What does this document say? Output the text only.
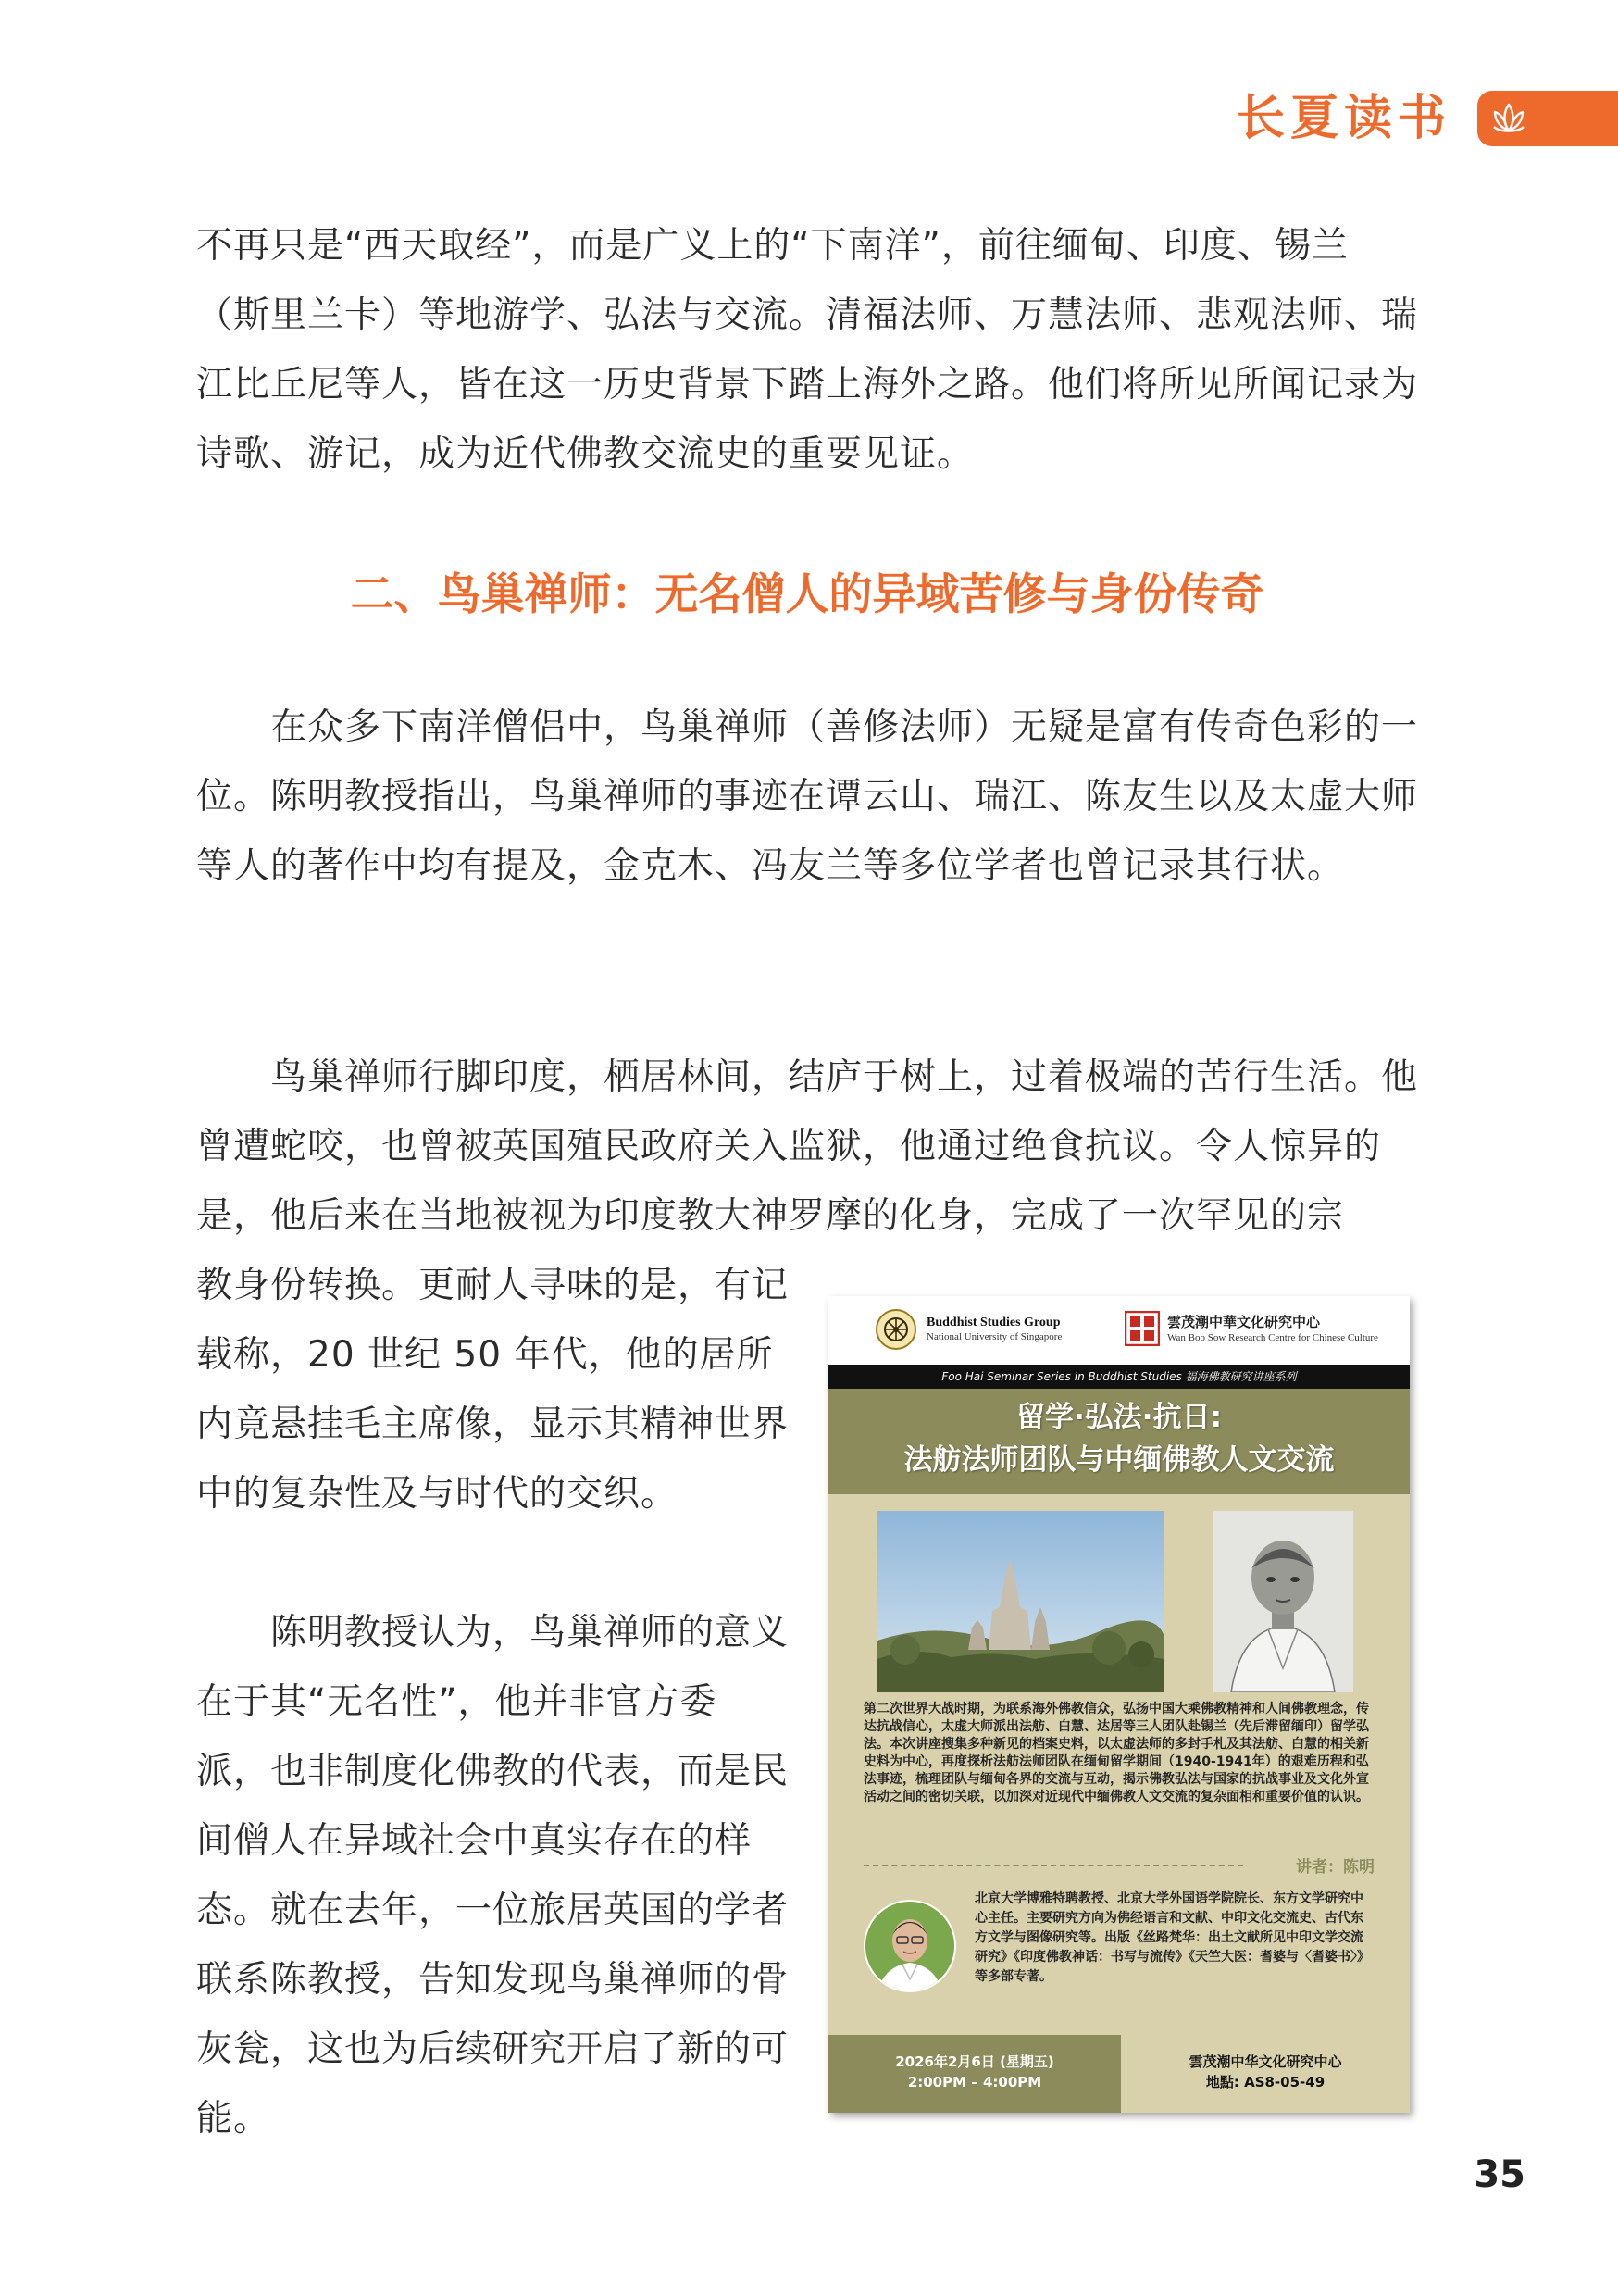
长夏读书

不再只是“西天取经”，而是广义上的“下南洋”，前往缅甸、印度、锡兰（斯里兰卡）等地游学、弘法与交流。清福法师、万慧法师、悲观法师、瑞江比丘尼等人，皆在这一历史背景下踏上海外之路。他们将所见所闻记录为诗歌、游记，成为近代佛教交流史的重要见证。

二、鸟巢禅师：无名僧人的异域苦修与身份传奇

在众多下南洋僧侣中，鸟巢禅师（善修法师）无疑是富有传奇色彩的一位。陈明教授指出，鸟巢禅师的事迹在谭云山、瑞江、陈友生以及太虚大师等人的著作中均有提及，金克木、冯友兰等多位学者也曾记录其行状。

鸟巢禅师行脚印度，栖居林间，结庐于树上，过着极端的苦行生活。他曾遭蛇咬，也曾被英国殖民政府关入监狱，他通过绝食抗议。令人惊异的是，他后来在当地被视为印度教大神罗摩的化身，完成了一次罕见的宗

教身份转换。更耐人寻味的是，有记载称，20 世纪 50 年代，他的居所内竟悬挂毛主席像，显示其精神世界中的复杂性及与时代的交织。

陈明教授认为，鸟巢禅师的意义在于其“无名性”，他并非官方委派，也非制度化佛教的代表，而是民间僧人在异域社会中真实存在的样态。就在去年，一位旅居英国的学者联系陈教授，告知发现鸟巢禅师的骨灰瓮，这也为后续研究开启了新的可能。

Buddhist Studies Group
National University of Singapore
雲茂潮中華文化研究中心
Wan Boo Sow Research Centre for Chinese Culture
Foo Hai Seminar Series in Buddhist Studies 福海佛教研究讲座系列
留学·弘法·抗日:
法舫法师团队与中缅佛教人文交流

第二次世界大战时期，为联系海外佛教信众，弘扬中国大乘佛教精神和人间佛教理念，传达抗战信心，太虚大师派出法舫、白慧、达居等三人团队赴锡兰（先后滞留缅印）留学弘法。本次讲座搜集多种新见的档案史料，以太虚法师的多封手札及其法舫、白慧的相关新史料为中心，再度探析法舫法师团队在缅甸留学期间（1940-1941年）的艰难历程和弘法事迹，梳理团队与缅甸各界的交流与互动，揭示佛教弘法与国家的抗战事业及文化外宣活动之间的密切关联，以加深对近现代中缅佛教人文交流的复杂面相和重要价值的认识。

讲者：陈明

北京大学博雅特聘教授、北京大学外国语学院院长、东方文学研究中心主任。主要研究方向为佛经语言和文献、中印文化交流史、古代东方文学与图像研究等。出版《丝路梵华：出土文献所见中印文学交流研究》《印度佛教神话：书写与流传》《天竺大医：耆婆与〈耆婆书〉》等多部专著。

2026年2月6日 (星期五)
2:00PM – 4:00PM
雲茂潮中华文化研究中心
地點: AS8-05-49
35
